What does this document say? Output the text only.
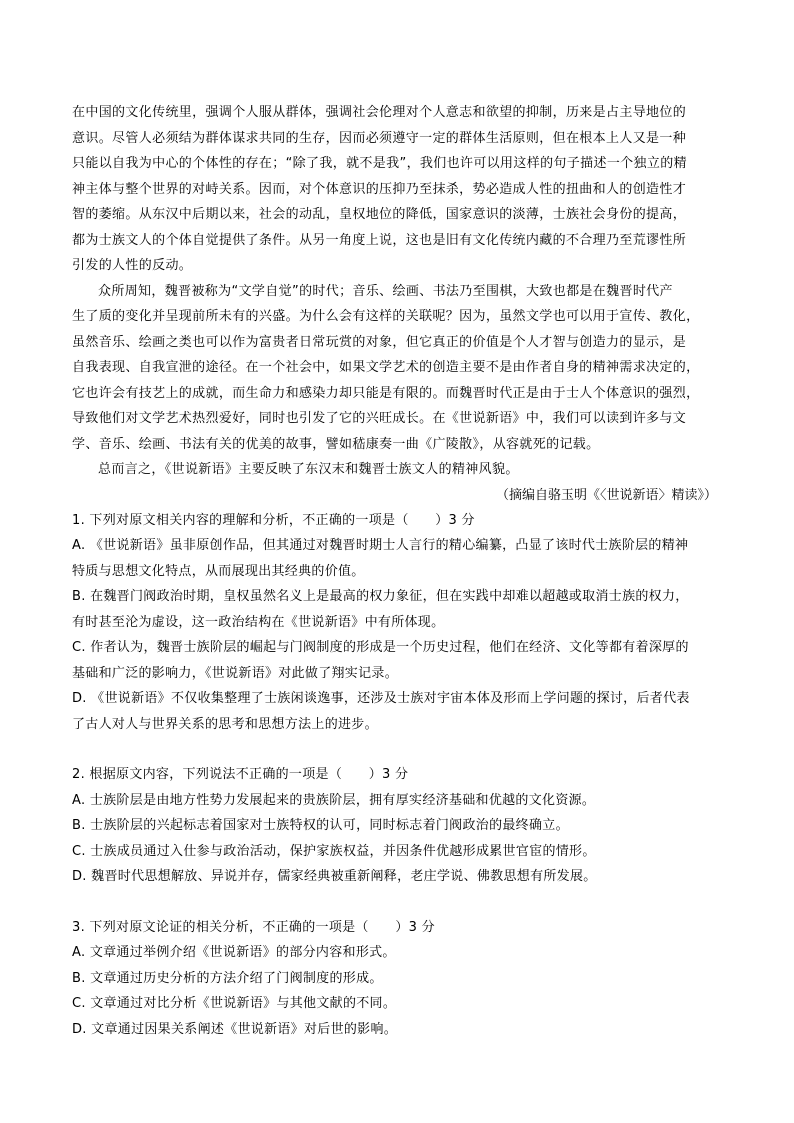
在中国的文化传统里，强调个人服从群体，强调社会伦理对个人意志和欲望的抑制，历来是占主导地位的
意识。尽管人必须结为群体谋求共同的生存，因而必须遵守一定的群体生活原则，但在根本上人又是一种
只能以自我为中心的个体性的存在；“除了我，就不是我”，我们也许可以用这样的句子描述一个独立的精
神主体与整个世界的对峙关系。因而，对个体意识的压抑乃至抹杀，势必造成人性的扭曲和人的创造性才
智的萎缩。从东汉中后期以来，社会的动乱，皇权地位的降低，国家意识的淡薄，士族社会身份的提高，
都为士族文人的个体自觉提供了条件。从另一角度上说，这也是旧有文化传统内藏的不合理乃至荒谬性所
引发的人性的反动。
众所周知，魏晋被称为“文学自觉”的时代；音乐、绘画、书法乃至围棋，大致也都是在魏晋时代产
生了质的变化并呈现前所未有的兴盛。为什么会有这样的关联呢？因为，虽然文学也可以用于宣传、教化，
虽然音乐、绘画之类也可以作为富贵者日常玩赏的对象，但它真正的价值是个人才智与创造力的显示，是
自我表现、自我宣泄的途径。在一个社会中，如果文学艺术的创造主要不是由作者自身的精神需求决定的，
它也许会有技艺上的成就，而生命力和感染力却只能是有限的。而魏晋时代正是由于士人个体意识的强烈，
导致他们对文学艺术热烈爱好，同时也引发了它的兴旺成长。在《世说新语》中，我们可以读到许多与文
学、音乐、绘画、书法有关的优美的故事，譬如嵇康奏一曲《广陵散》，从容就死的记载。
总而言之，《世说新语》主要反映了东汉末和魏晋士族文人的精神风貌。
（摘编自骆玉明《〈世说新语〉精读》）
1. 下列对原文相关内容的理解和分析，不正确的一项是（　　）3 分
A. 《世说新语》虽非原创作品，但其通过对魏晋时期士人言行的精心编纂，凸显了该时代士族阶层的精神
特质与思想文化特点，从而展现出其经典的价值。
B. 在魏晋门阀政治时期，皇权虽然名义上是最高的权力象征，但在实践中却难以超越或取消士族的权力，
有时甚至沦为虚设，这一政治结构在《世说新语》中有所体现。
C. 作者认为，魏晋士族阶层的崛起与门阀制度的形成是一个历史过程，他们在经济、文化等都有着深厚的
基础和广泛的影响力，《世说新语》对此做了翔实记录。
D. 《世说新语》不仅收集整理了士族闲谈逸事，还涉及士族对宇宙本体及形而上学问题的探讨，后者代表
了古人对人与世界关系的思考和思想方法上的进步。
2. 根据原文内容，下列说法不正确的一项是（　　）3 分
A. 士族阶层是由地方性势力发展起来的贵族阶层，拥有厚实经济基础和优越的文化资源。
B. 士族阶层的兴起标志着国家对士族特权的认可，同时标志着门阀政治的最终确立。
C. 士族成员通过入仕参与政治活动，保护家族权益，并因条件优越形成累世官宦的情形。
D. 魏晋时代思想解放、异说并存，儒家经典被重新阐释，老庄学说、佛教思想有所发展。
3. 下列对原文论证的相关分析，不正确的一项是（　　）3 分
A. 文章通过举例介绍《世说新语》的部分内容和形式。
B. 文章通过历史分析的方法介绍了门阀制度的形成。
C. 文章通过对比分析《世说新语》与其他文献的不同。
D. 文章通过因果关系阐述《世说新语》对后世的影响。
